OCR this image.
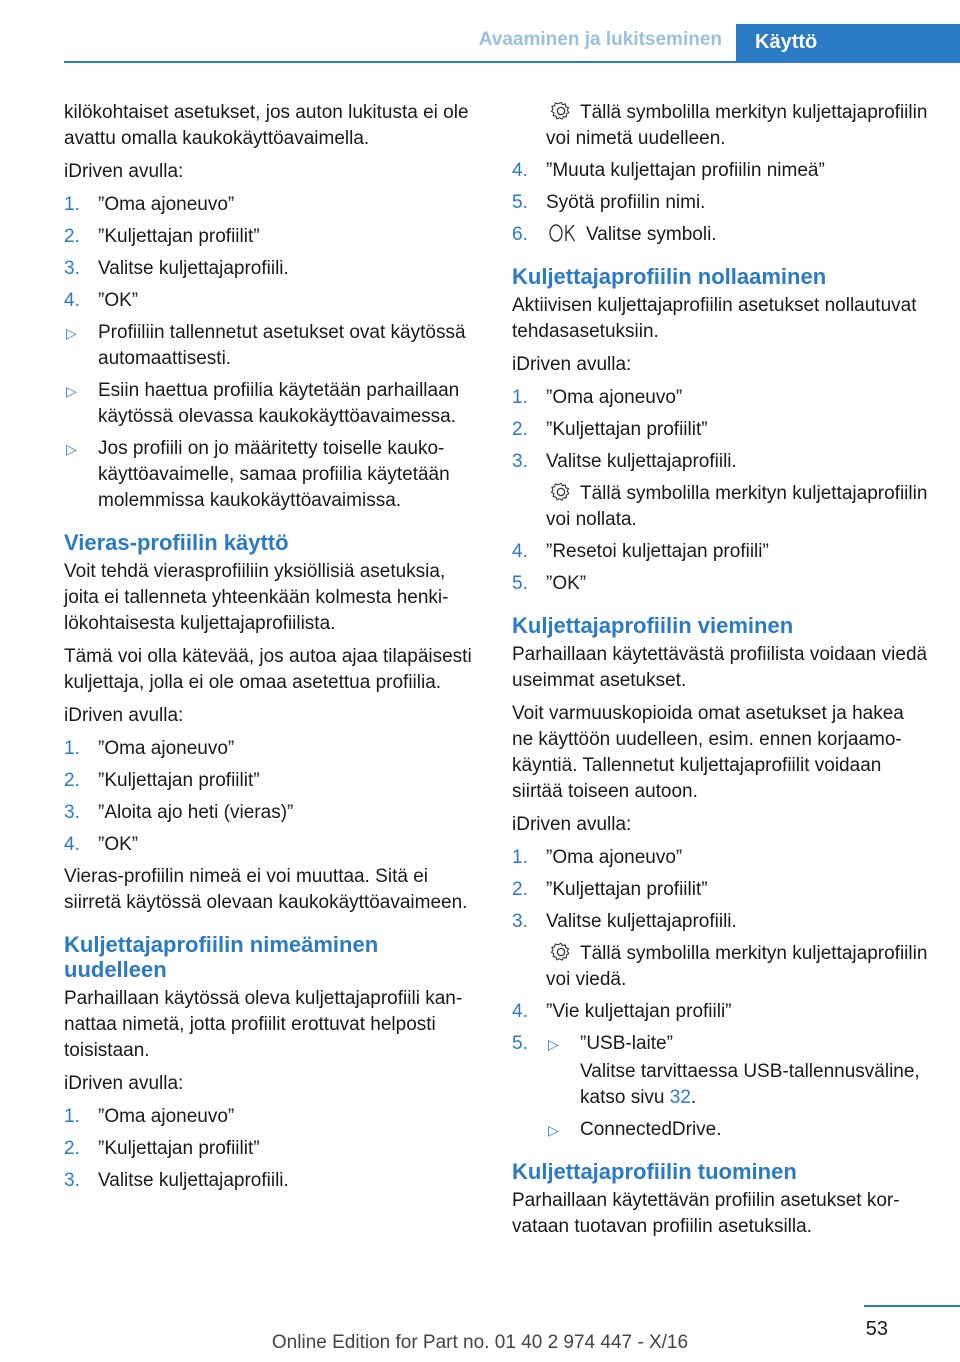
Avaaminen ja lukitseminen	Käyttö

kilökohtaiset asetukset, jos auton lukitusta ei ole avattu omalla kaukokäyttöavaimella.

iDriven avulla:

1. ”Oma ajoneuvo”
2. ”Kuljettajan profiilit”
3. Valitse kuljettajaprofiili.
4. ”OK”
▷
Profiiliin tallennetut asetukset ovat käytössä automaattisesti.
▷
Esiin haettua profiilia käytetään parhaillaan käytössä olevassa kaukokäyttöavaimessa.
▷
Jos profiili on jo määritetty toiselle kaukokäyttöavaimelle, samaa profiilia käytetään molemmissa kaukokäyttöavaimissa.
Vieras-profiilin käyttö

Voit tehdä vierasprofiiliin yksiöllisiä asetuksia, joita ei tallenneta yhteenkään kolmesta henkilökohtaisesta kuljettajaprofiilista.

Tämä voi olla kätevää, jos autoa ajaa tilapäisesti kuljettaja, jolla ei ole omaa asetettua profiilia.

iDriven avulla:

1. ”Oma ajoneuvo”
2. ”Kuljettajan profiilit”
3. ”Aloita ajo heti (vieras)”
4. ”OK”

Vieras-profiilin nimeä ei voi muuttaa. Sitä ei siirretä käytössä olevaan kaukokäyttöavaimeen.

Kuljettajaprofiilin nimeäminen uudelleen

Parhaillaan käytössä oleva kuljettajaprofiili kannattaa nimetä, jotta profiilit erottuvat helposti toisistaan.

iDriven avulla:

1. ”Oma ajoneuvo”
2. ”Kuljettajan profiilit”
3. Valitse kuljettajaprofiili.

Tällä symbolilla merkityn kuljettajaprofiilin voi nimetä uudelleen.

4. ”Muuta kuljettajan profiilin nimeä”
5. Syötä profiilin nimi.
6.	Valitse symboli.
Kuljettajaprofiilin nollaaminen

Aktiivisen kuljettajaprofiilin asetukset nollautuvat tehdasasetuksiin.

iDriven avulla:

1. ”Oma ajoneuvo”
2. ”Kuljettajan profiilit”
3. Valitse kuljettajaprofiili.

Tällä symbolilla merkityn kuljettajaprofiilin voi nollata.

4. ”Resetoi kuljettajan profiili”
5. ”OK”
Kuljettajaprofiilin vieminen

Parhaillaan käytettävästä profiilista voidaan viedä useimmat asetukset.

Voit varmuuskopioida omat asetukset ja hakea ne käyttöön uudelleen, esim. ennen korjaamokäyntiä. Tallennetut kuljettajaprofiilit voidaan siirtää toiseen autoon.

iDriven avulla:

1. ”Oma ajoneuvo”
2. ”Kuljettajan profiilit”
3. Valitse kuljettajaprofiili.

Tällä symbolilla merkityn kuljettajaprofiilin voi viedä.

4. ”Vie kuljettajan profiili”
5.
▷	”USB-laite”
Valitse tarvittaessa USB-tallennusväline, katso sivu 32.
▷
ConnectedDrive.
Kuljettajaprofiilin tuominen

Parhaillaan käytettävän profiilin asetukset korvataan tuotavan profiilin asetuksilla.

53
Online Edition for Part no. 01 40 2 974 447 - X/16
